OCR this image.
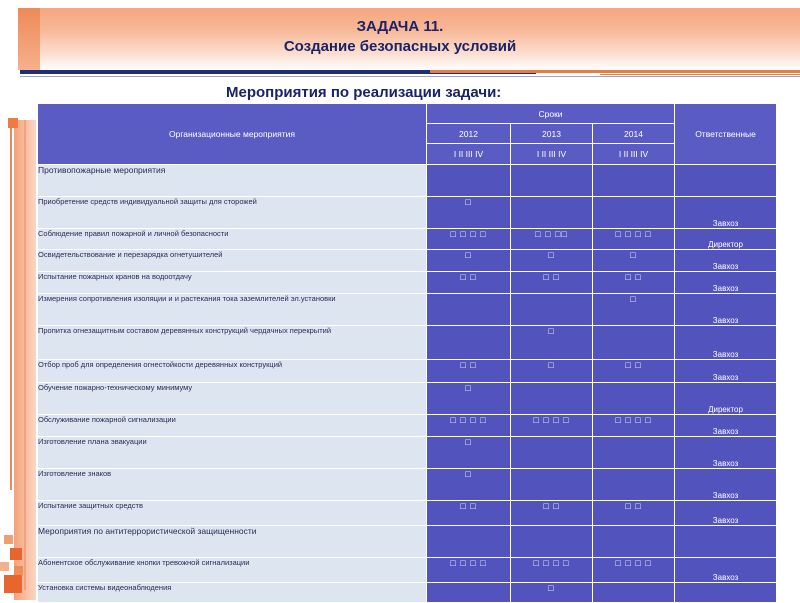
ЗАДАЧА 11.
Создание безопасных условий
Мероприятия по реализации задачи:
Организационные мероприятия	Сроки			Ответственные
	2012	2013	2014	
	I II III IV	I II III IV	I II III IV	
Противопожарные мероприятия				
Приобретение средств индивидуальной защиты для сторожей	□			Завхоз
Соблюдение правил пожарной и личной безопасности	□ □ □ □	□ □ □□	□ □ □ □	Директор
Освидетельствование и перезарядка огнетушителей	□	□	□	Завхоз
Испытание пожарных кранов на водоотдачу	□ □	□ □	□ □	Завхоз
Измерения сопротивления изоляции и и растекания тока заземлителей эл.установки			□	Завхоз
Пропитка огнезащитным составом деревянных конструкций чердачных перекрытий		□		Завхоз
Отбор проб для определения огнестойкости деревянных конструкций	□ □	□	□ □	Завхоз
Обучение пожарно-техническому минимуму	□			Директор
Обслуживание пожарной сигнализации	□ □ □ □	□ □ □ □	□ □ □ □	Завхоз
Изготовление плана эвакуации	□			Завхоз
Изготовление знаков	□			Завхоз
Испытание защитных средств	□ □	□ □	□ □	Завхоз
Мероприятия по антитеррористической защищенности				
Абонентское обслуживание кнопки тревожной сигнализации	□ □ □ □	□ □ □ □	□ □ □ □	Завхоз
Установка системы видеонаблюдения		□		
